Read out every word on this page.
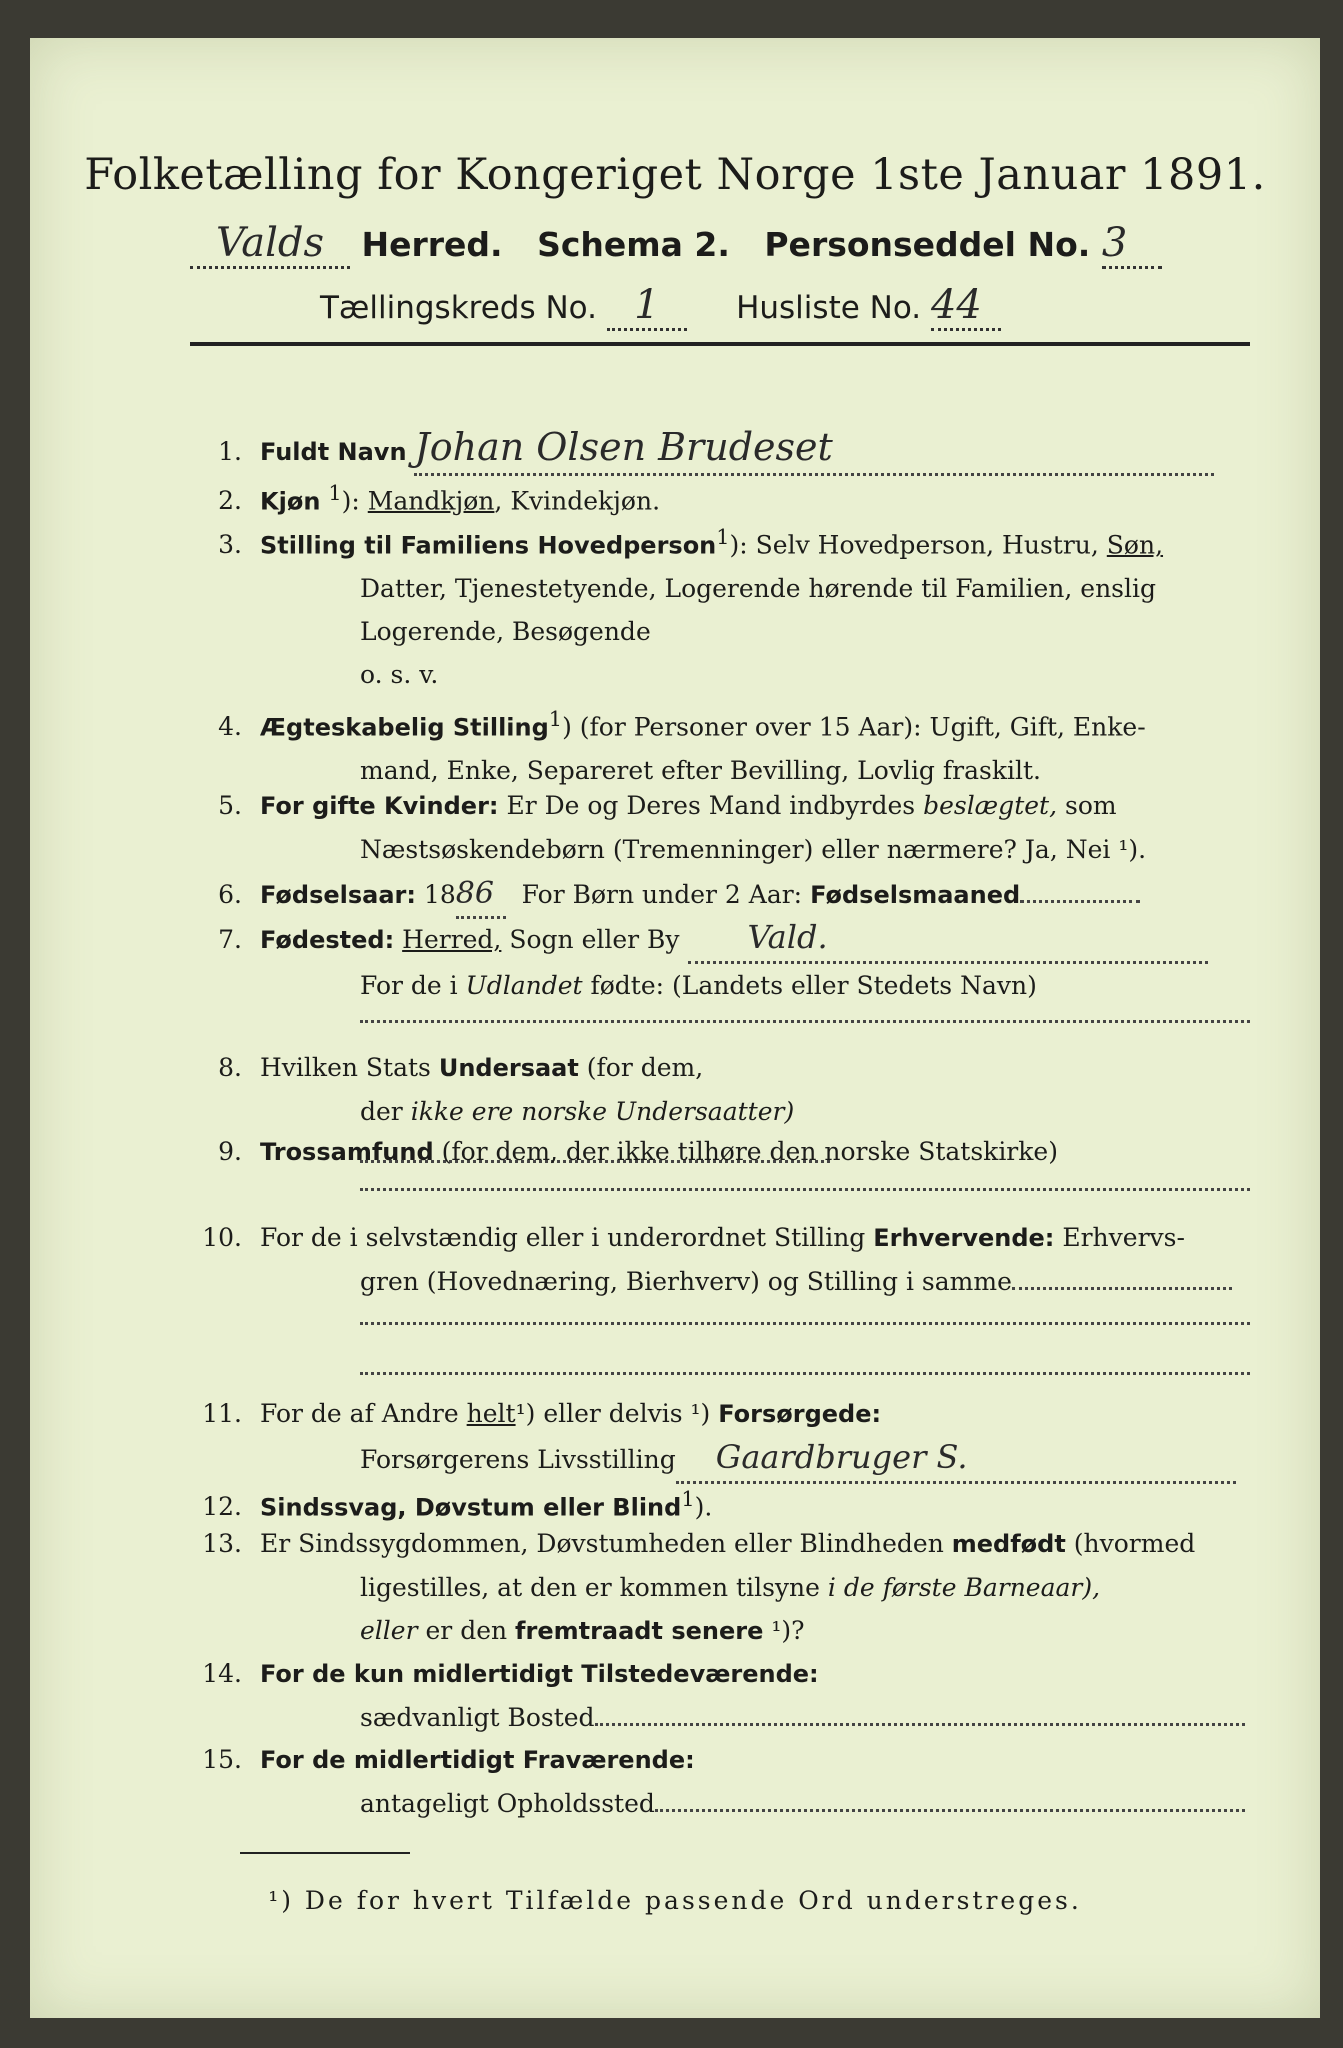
Folketælling for Kongeriget Norge 1ste Januar 1891.
Valds Herred. Schema 2. Personseddel No. 3
Tællingskreds No. 1 Husliste No. 44
1. Fuldt Navn Johan Olsen Brudeset
2. Kjøn $^1$): Mandkjøn, Kvindekjøn.
3. Stilling til Familiens Hovedperson$^1$): Selv Hovedperson, Hustru, Søn,
Datter, Tjenestetyende, Logerende hørende til Familien, enslig
Logerende, Besøgende
o. s. v.
4. Ægteskabelig Stilling$^1$) (for Personer over 15 Aar): Ugift, Gift, Enke-
mand, Enke, Separeret efter Bevilling, Lovlig fraskilt.
5. For gifte Kvinder: Er De og Deres Mand indbyrdes beslægtet, som
Næstsøskendebørn (Tremenninger) eller nærmere? Ja, Nei ¹).
6. Fødselsaar: 1886 For Børn under 2 Aar: Fødselsmaaned
7. Fødested: Herred, Sogn eller By Vald.
For de i Udlandet fødte: (Landets eller Stedets Navn)
8. Hvilken Stats Undersaat (for dem,
der ikke ere norske Undersaatter)
9. Trossamfund (for dem, der ikke tilhøre den norske Statskirke)
10. For de i selvstændig eller i underordnet Stilling Erhvervende: Erhvervs-
gren (Hovednæring, Bierhverv) og Stilling i samme
11. For de af Andre helt¹) eller delvis ¹) Forsørgede:
Forsørgerens Livsstilling Gaardbruger S.
12. Sindssvag, Døvstum eller Blind$^1$).
13. Er Sindssygdommen, Døvstumheden eller Blindheden medfødt (hvormed
ligestilles, at den er kommen tilsyne i de første Barneaar),
eller er den fremtraadt senere ¹)?
14. For de kun midlertidigt Tilstedeværende:
sædvanligt Bosted
15. For de midlertidigt Fraværende:
antageligt Opholdssted
¹) De for hvert Tilfælde passende Ord understreges.
